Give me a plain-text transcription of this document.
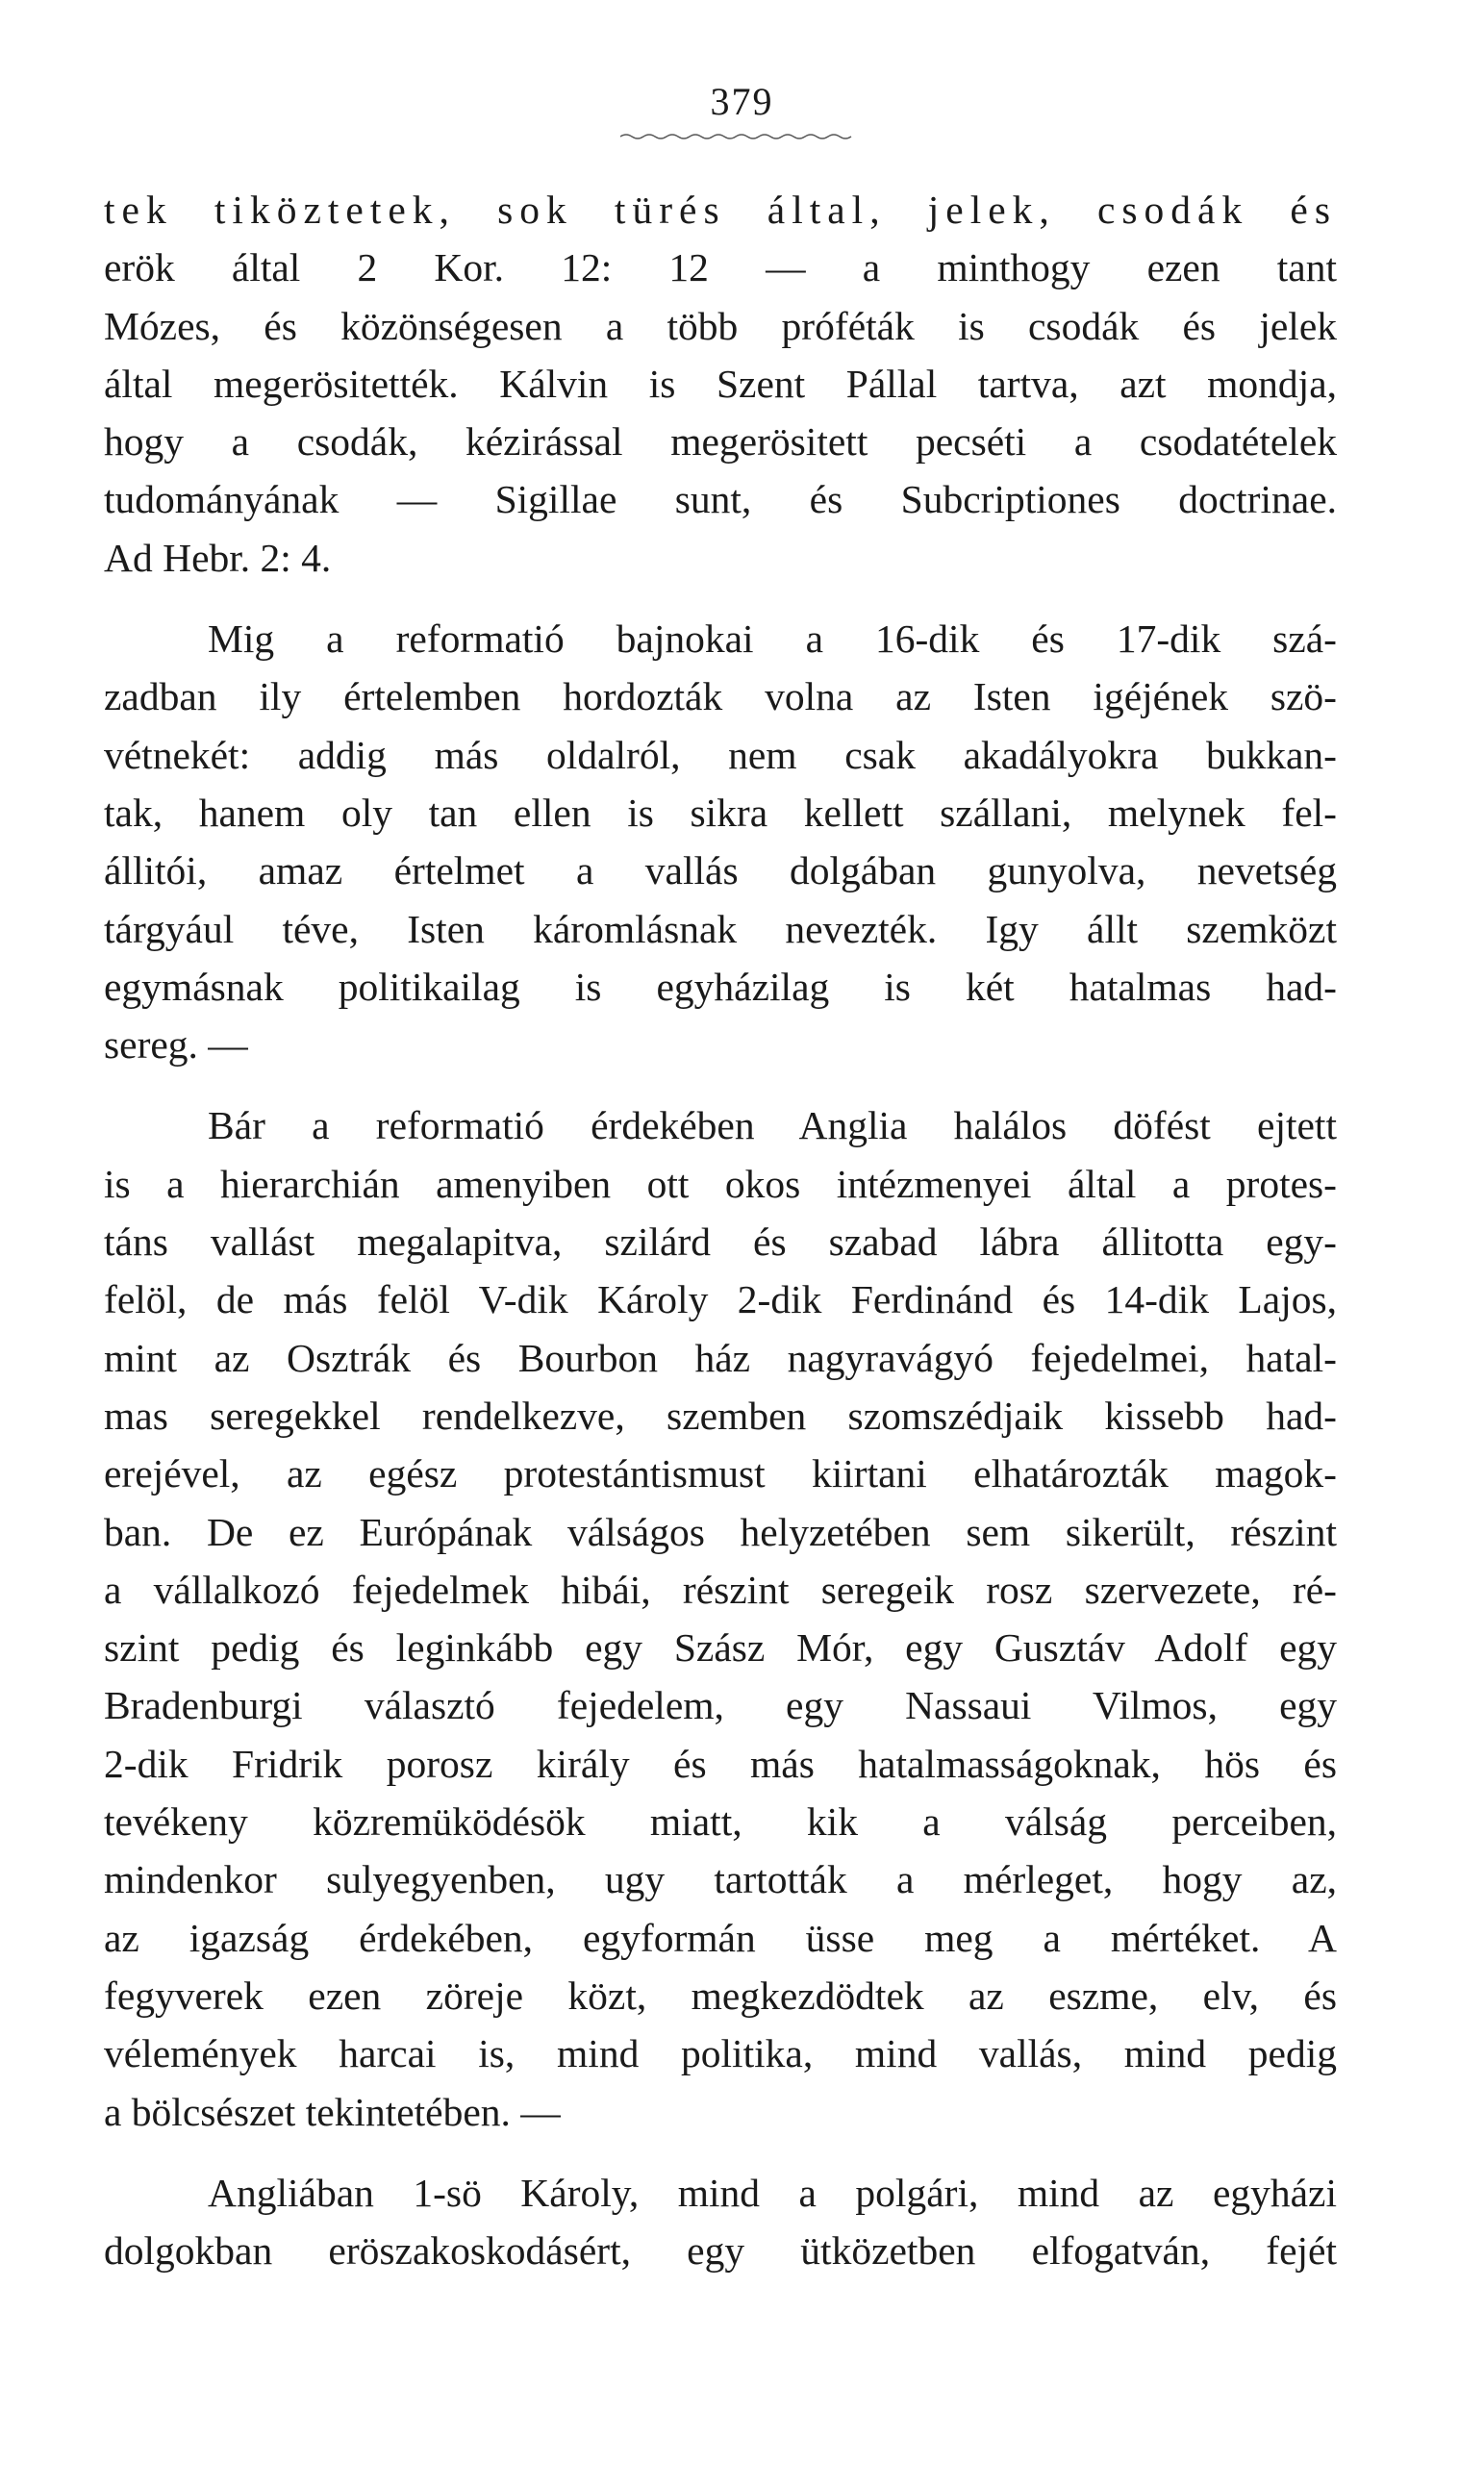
379

tek tiköztetek, sok türés által, jelek, csodák és
erök által 2 Kor. 12: 12 — a minthogy ezen tant
Mózes, és közönségesen a több próféták is csodák és jelek
által megerösitették. Kálvin is Szent Pállal tartva, azt mondja,
hogy a csodák, kézirással megerösitett pecséti a csodatételek
tudományának — Sigillae sunt, és Subcriptiones doctrinae.
Ad Hebr. 2: 4.

Mig a reformatió bajnokai a 16-dik és 17-dik szá-
zadban ily értelemben hordozták volna az Isten igéjének szö-
vétnekét: addig más oldalról, nem csak akadályokra bukkan-
tak, hanem oly tan ellen is sikra kellett szállani, melynek fel-
állitói, amaz értelmet a vallás dolgában gunyolva, nevetség
tárgyául téve, Isten káromlásnak nevezték. Igy állt szemközt
egymásnak politikailag is egyházilag is két hatalmas had-
sereg. —

Bár a reformatió érdekében Anglia halálos döfést ejtett
is a hierarchián amenyiben ott okos intézmenyei által a protes-
táns vallást megalapitva, szilárd és szabad lábra állitotta egy-
felöl, de más felöl V-dik Károly 2-dik Ferdinánd és 14-dik Lajos,
mint az Osztrák és Bourbon ház nagyravágyó fejedelmei, hatal-
mas seregekkel rendelkezve, szemben szomszédjaik kissebb had-
erejével, az egész protestántismust kiirtani elhatározták magok-
ban. De ez Európának válságos helyzetében sem sikerült, részint
a vállalkozó fejedelmek hibái, részint seregeik rosz szervezete, ré-
szint pedig és leginkább egy Szász Mór, egy Gusztáv Adolf egy
Bradenburgi választó fejedelem, egy Nassaui Vilmos, egy
2-dik Fridrik porosz király és más hatalmasságoknak, hös és
tevékeny közremüködésök miatt, kik a válság perceiben,
mindenkor sulyegyenben, ugy tartották a mérleget, hogy az,
az igazság érdekében, egyformán üsse meg a mértéket. A
fegyverek ezen zöreje közt, megkezdödtek az eszme, elv, és
vélemények harcai is, mind politika, mind vallás, mind pedig
a bölcsészet tekintetében. —

Angliában 1-sö Károly, mind a polgári, mind az egyházi
dolgokban eröszakoskodásért, egy ütközetben elfogatván, fejét
